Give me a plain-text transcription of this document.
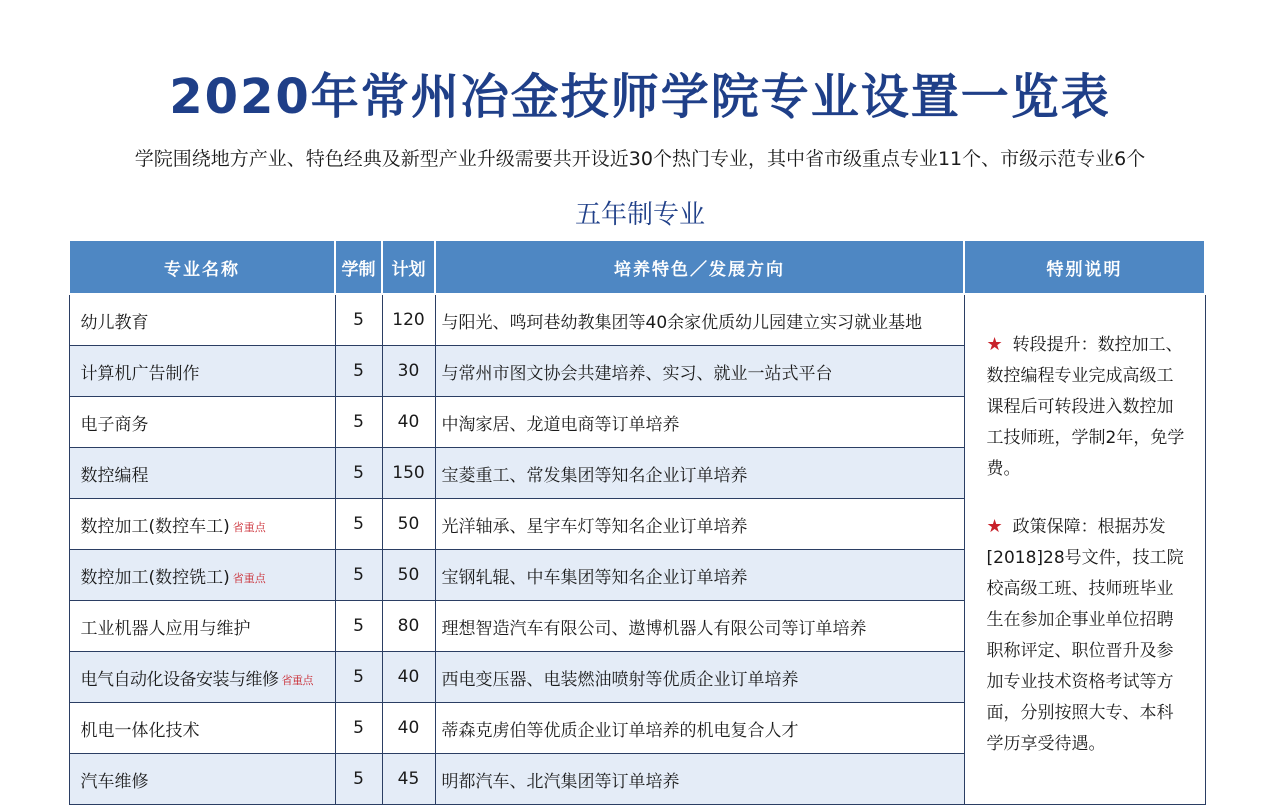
2020年常州冶金技师学院专业设置一览表
学院围绕地方产业、特色经典及新型产业升级需要共开设近30个热门专业，其中省市级重点专业11个、市级示范专业6个
五年制专业
专业名称	学制	计划	培养特色／发展方向	特别说明
幼儿教育	5	120	与阳光、鸣珂巷幼教集团等40余家优质幼儿园建立实习就业基地	★ 转段提升：数控加工、数控编程专业完成高级工课程后可转段进入数控加工技师班，学制2年，免学费。
★ 政策保障：根据苏发[2018]28号文件，技工院校高级工班、技师班毕业生在参加企事业单位招聘职称评定、职位晋升及参加专业技术资格考试等方面，分别按照大专、本科学历享受待遇。

计算机广告制作	5	30	与常州市图文协会共建培养、实习、就业一站式平台	
电子商务	5	40	中淘家居、龙道电商等订单培养	
数控编程	5	150	宝菱重工、常发集团等知名企业订单培养	
数控加工(数控车工) 省重点	5	50	光洋轴承、星宇车灯等知名企业订单培养	
数控加工(数控铣工) 省重点	5	50	宝钢轧辊、中车集团等知名企业订单培养	
工业机器人应用与维护	5	80	理想智造汽车有限公司、遨博机器人有限公司等订单培养	
电气自动化设备安装与维修 省重点	5	40	西电变压器、电装燃油喷射等优质企业订单培养	
机电一体化技术	5	40	蒂森克虏伯等优质企业订单培养的机电复合人才	
汽车维修	5	45	明都汽车、北汽集团等订单培养	
